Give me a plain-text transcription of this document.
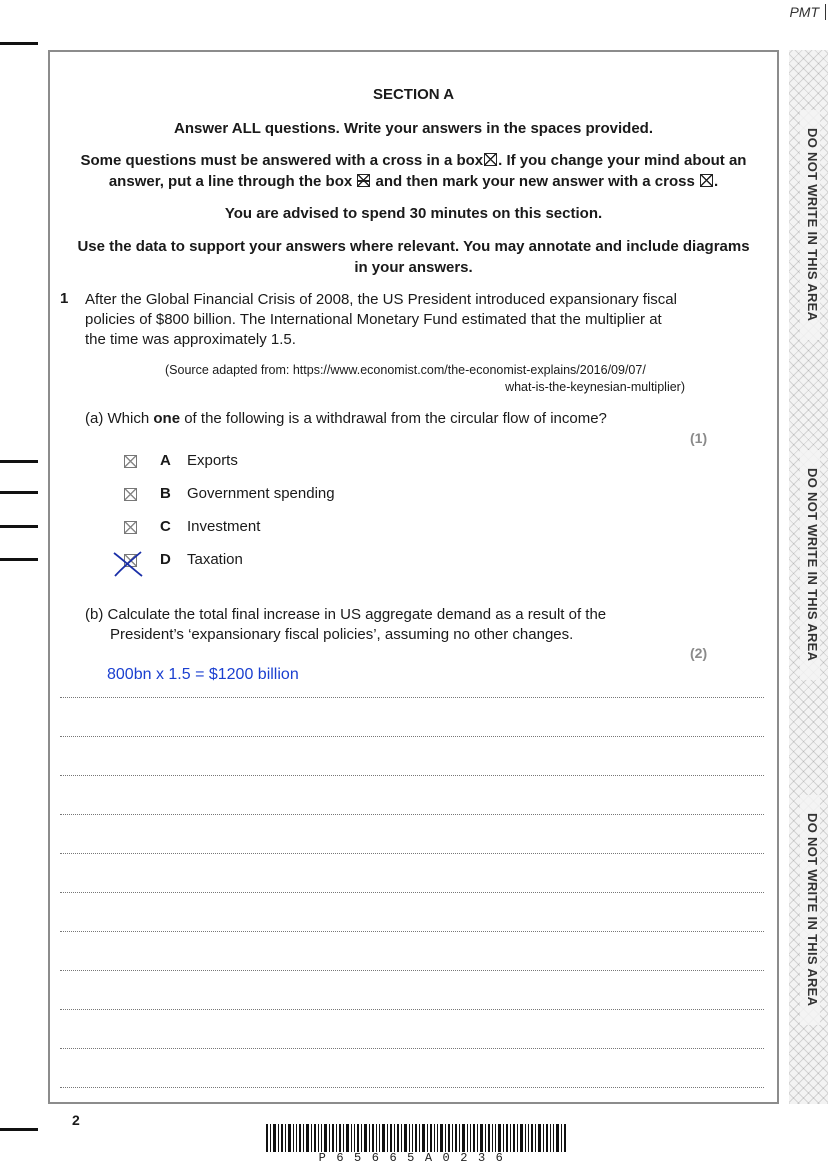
PMT
DO NOT WRITE IN THIS AREA
DO NOT WRITE IN THIS AREA
DO NOT WRITE IN THIS AREA
SECTION A
Answer ALL questions. Write your answers in the spaces provided.
Some questions must be answered with a cross in a box☒. If you change your mind about an
answer, put a line through the box and then mark your new answer with a cross ☒.
You are advised to spend 30 minutes on this section.
Use the data to support your answers where relevant. You may annotate and include diagrams
in your answers.
1 After the Global Financial Crisis of 2008, the US President introduced expansionary fiscal policies of $800 billion. The International Monetary Fund estimated that the multiplier at the time was approximately 1.5.
(Source adapted from: https://www.economist.com/the-economist-explains/2016/09/07/
what-is-the-keynesian-multiplier)
(a) Which one of the following is a withdrawal from the circular flow of income?
(1)
A Exports
B Government spending
C Investment
D Taxation
(b) Calculate the total final increase in US aggregate demand as a result of the
President’s ‘expansionary fiscal policies’, assuming no other changes.
(2)
800bn x 1.5 = $1200 billion
2
P65665A0236
